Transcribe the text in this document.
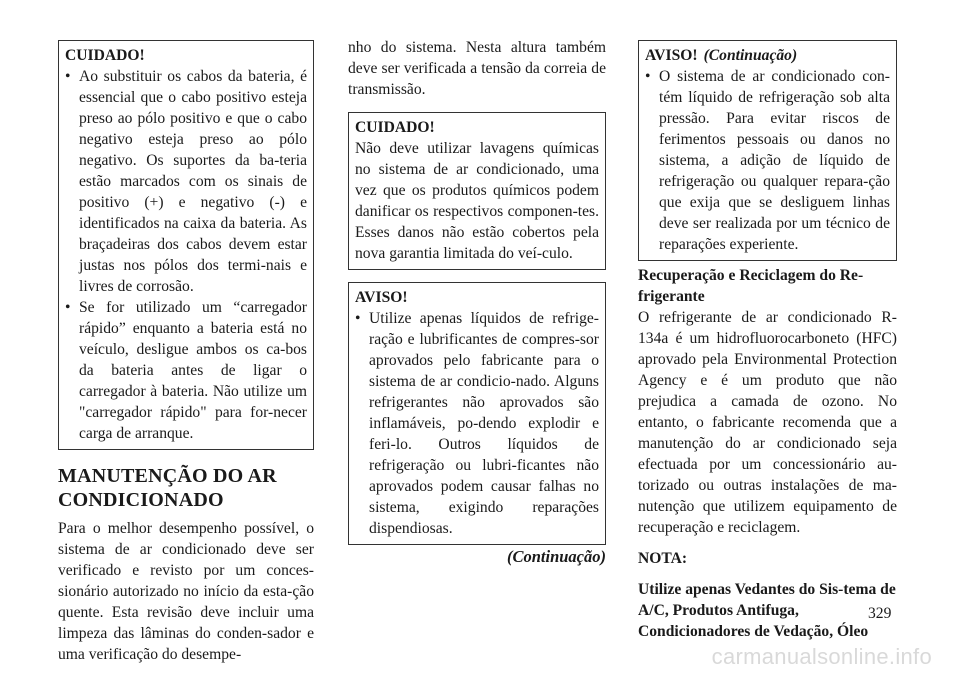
CUIDADO!
• Ao substituir os cabos da bateria, é essencial que o cabo positivo esteja preso ao pólo positivo e que o cabo negativo esteja preso ao pólo negativo. Os suportes da ba-teria estão marcados com os sinais de positivo (+) e negativo (-) e identificados na caixa da bateria. As braçadeiras dos cabos devem estar justas nos pólos dos termi-nais e livres de corrosão.
• Se for utilizado um “carregador rápido” enquanto a bateria está no veículo, desligue ambos os ca-bos da bateria antes de ligar o carregador à bateria. Não utilize um "carregador rápido" para for-necer carga de arranque.
MANUTENÇÃO DO AR CONDICIONADO

Para o melhor desempenho possível, o sistema de ar condicionado deve ser verificado e revisto por um conces-sionário autorizado no início da esta-ção quente. Esta revisão deve incluir uma limpeza das lâminas do conden-sador e uma verificação do desempe-

nho do sistema. Nesta altura também deve ser verificada a tensão da correia de transmissão.

CUIDADO!

Não deve utilizar lavagens químicas no sistema de ar condicionado, uma vez que os produtos químicos podem danificar os respectivos componen-tes. Esses danos não estão cobertos pela nova garantia limitada do veí-culo.

AVISO!
• Utilize apenas líquidos de refrige-ração e lubrificantes de compres-sor aprovados pelo fabricante para o sistema de ar condicio-nado. Alguns refrigerantes não aprovados são inflamáveis, po-dendo explodir e feri-lo. Outros líquidos de refrigeração ou lubri-ficantes não aprovados podem causar falhas no sistema, exigindo reparações dispendiosas.
(Continuação)
AVISO! (Continuação)
• O sistema de ar condicionado con-tém líquido de refrigeração sob alta pressão. Para evitar riscos de ferimentos pessoais ou danos no sistema, a adição de líquido de refrigeração ou qualquer repara-ção que exija que se desliguem linhas deve ser realizada por um técnico de reparações experiente.
Recuperação e Reciclagem do Re-frigerante

O refrigerante de ar condicionado R-134a é um hidrofluorocarboneto (HFC) aprovado pela Environmental Protection Agency e é um produto que não prejudica a camada de ozono. No entanto, o fabricante recomenda que a manutenção do ar condicionado seja efectuada por um concessionário au-torizado ou outras instalações de ma-nutenção que utilizem equipamento de recuperação e reciclagem.

NOTA:
Utilize apenas Vedantes do Sis-tema de A/C, Produtos Antifuga, Condicionadores de Vedação, Óleo
329
carmanualsonline.info
